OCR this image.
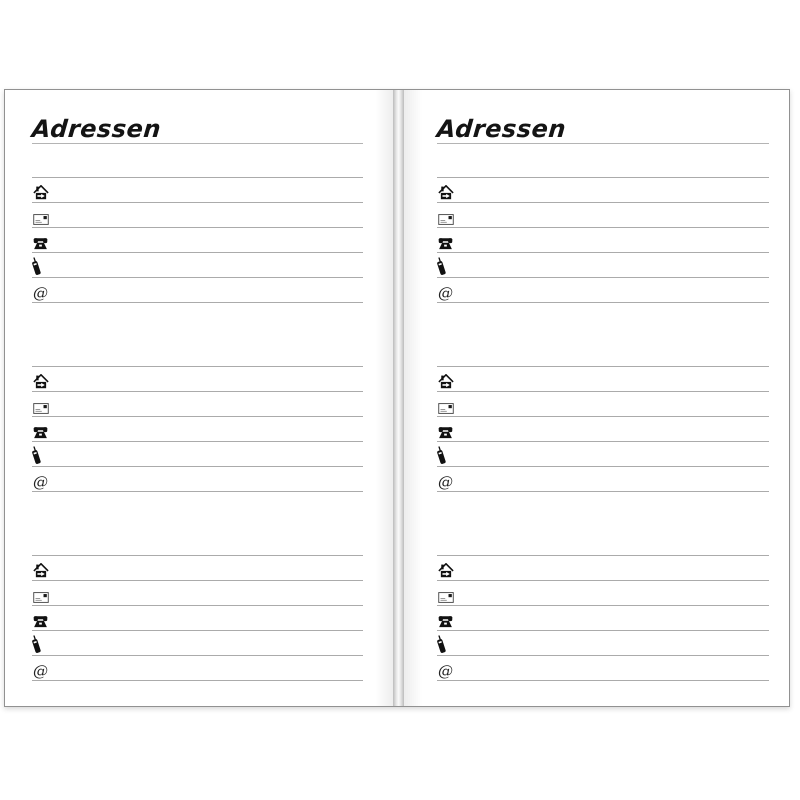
Adressen
@
@
@
Adressen
@
@
@
